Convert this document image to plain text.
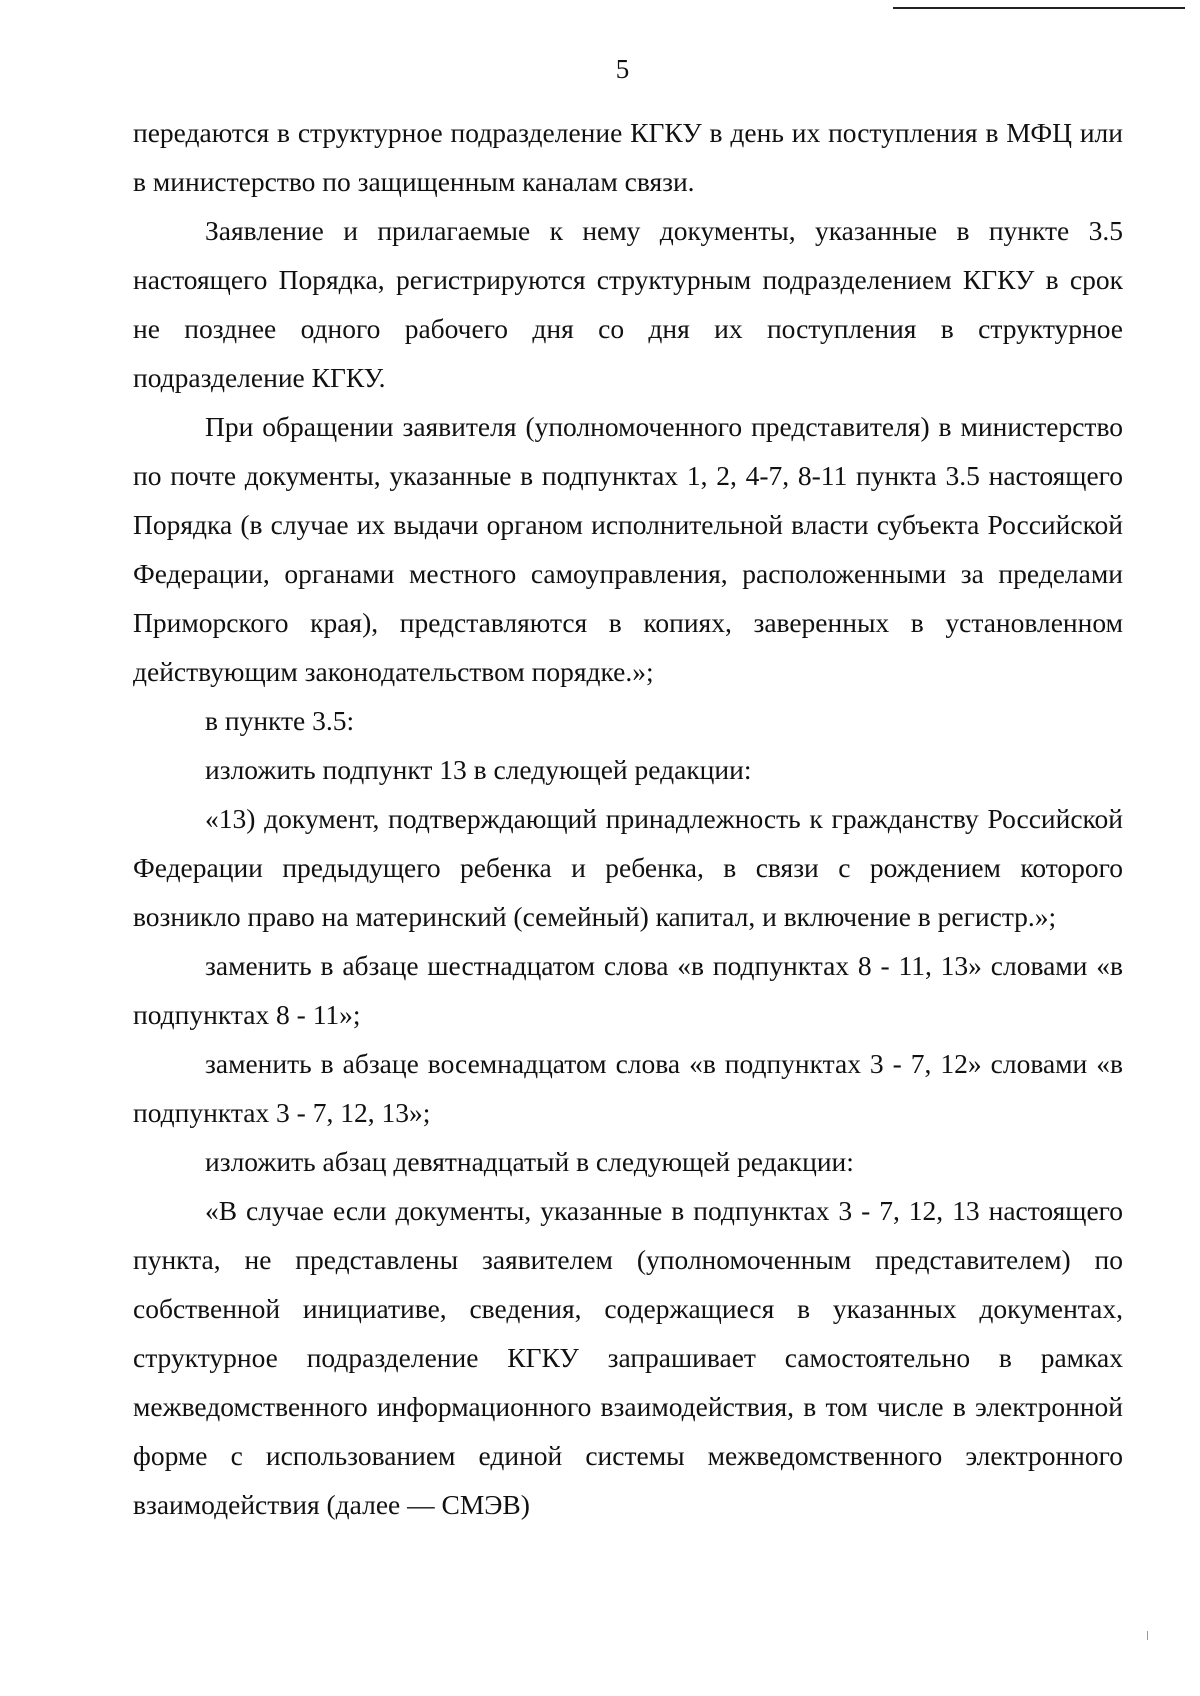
5

передаются в структурное подразделение КГКУ в день их поступления в МФЦ или в министерство по защищенным каналам связи.

Заявление и прилагаемые к нему документы, указанные в пункте 3.5 настоящего Порядка, регистрируются структурным подразделением КГКУ в срок не позднее одного рабочего дня со дня их поступления в структурное подразделение КГКУ.

При обращении заявителя (уполномоченного представителя) в министерство по почте документы, указанные в подпунктах 1, 2, 4-7, 8-11 пункта 3.5 настоящего Порядка (в случае их выдачи органом исполнительной власти субъекта Российской Федерации, органами местного самоуправления, расположенными за пределами Приморского края), представляются в копиях, заверенных в установленном действующим законодательством порядке.»;

в пункте 3.5:

изложить подпункт 13 в следующей редакции:

«13) документ, подтверждающий принадлежность к гражданству Российской Федерации предыдущего ребенка и ребенка, в связи с рождением которого возникло право на материнский (семейный) капитал, и включение в регистр.»;

заменить в абзаце шестнадцатом слова «в подпунктах 8 - 11, 13» словами «в подпунктах 8 - 11»;

заменить в абзаце восемнадцатом слова «в подпунктах 3 - 7, 12» словами «в подпунктах 3 - 7, 12, 13»;

изложить абзац девятнадцатый в следующей редакции:

«В случае если документы, указанные в подпунктах 3 - 7, 12, 13 настоящего пункта, не представлены заявителем (уполномоченным представителем) по собственной инициативе, сведения, содержащиеся в указанных документах, структурное подразделение КГКУ запрашивает самостоятельно в рамках межведомственного информационного взаимодействия, в том числе в электронной форме с использованием единой системы межведомственного электронного взаимодействия (далее — СМЭВ)
